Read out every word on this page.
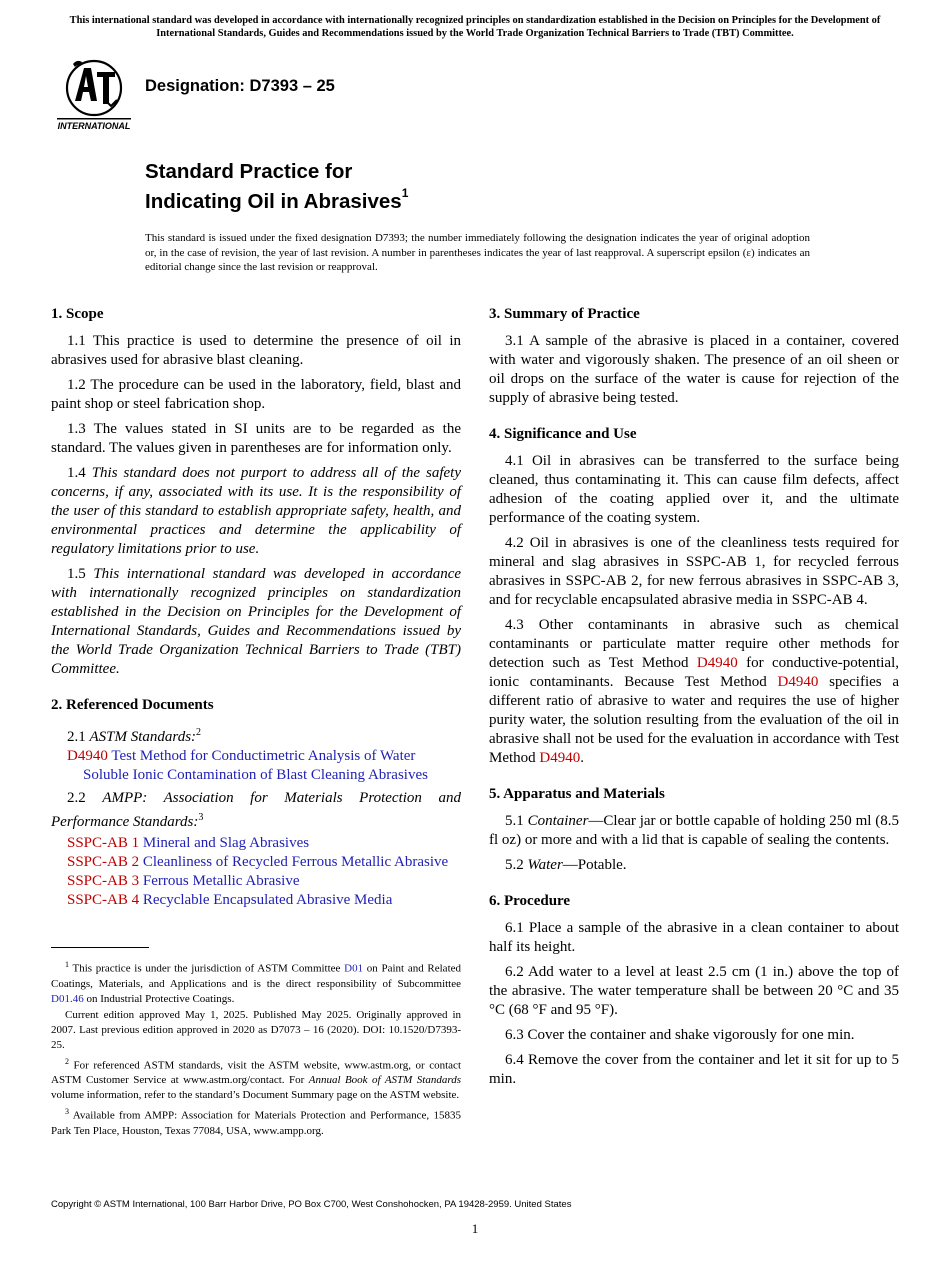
This international standard was developed in accordance with internationally recognized principles on standardization established in the Decision on Principles for the Development of International Standards, Guides and Recommendations issued by the World Trade Organization Technical Barriers to Trade (TBT) Committee.
INTERNATIONAL
Designation: D7393 – 25
Standard Practice for
Indicating Oil in Abrasives$^1$
This standard is issued under the fixed designation D7393; the number immediately following the designation indicates the year of original adoption or, in the case of revision, the year of last revision. A number in parentheses indicates the year of last reapproval. A superscript epsilon (ε) indicates an editorial change since the last revision or reapproval.
1. Scope

1.1 This practice is used to determine the presence of oil in abrasives used for abrasive blast cleaning.

1.2 The procedure can be used in the laboratory, field, blast and paint shop or steel fabrication shop.

1.3 The values stated in SI units are to be regarded as the standard. The values given in parentheses are for information only.

1.4 This standard does not purport to address all of the safety concerns, if any, associated with its use. It is the responsibility of the user of this standard to establish appropriate safety, health, and environmental practices and determine the applicability of regulatory limitations prior to use.

1.5 This international standard was developed in accordance with internationally recognized principles on standardization established in the Decision on Principles for the Development of International Standards, Guides and Recommendations issued by the World Trade Organization Technical Barriers to Trade (TBT) Committee.

2. Referenced Documents

2.1 ASTM Standards:$^2$

D4940 Test Method for Conductimetric Analysis of Water Soluble Ionic Contamination of Blast Cleaning Abrasives

2.2 AMPP: Association for Materials Protection and Performance Standards:$^3$

SSPC-AB 1 Mineral and Slag Abrasives

SSPC-AB 2 Cleanliness of Recycled Ferrous Metallic Abrasive

SSPC-AB 3 Ferrous Metallic Abrasive

SSPC-AB 4 Recyclable Encapsulated Abrasive Media

3. Summary of Practice

3.1 A sample of the abrasive is placed in a container, covered with water and vigorously shaken. The presence of an oil sheen or oil drops on the surface of the water is cause for rejection of the supply of abrasive being tested.

4. Significance and Use

4.1 Oil in abrasives can be transferred to the surface being cleaned, thus contaminating it. This can cause film defects, affect adhesion of the coating applied over it, and the ultimate performance of the coating system.

4.2 Oil in abrasives is one of the cleanliness tests required for mineral and slag abrasives in SSPC-AB 1, for recycled ferrous abrasives in SSPC-AB 2, for new ferrous abrasives in SSPC-AB 3, and for recyclable encapsulated abrasive media in SSPC-AB 4.

4.3 Other contaminants in abrasive such as chemical contaminants or particulate matter require other methods for detection such as Test Method D4940 for conductive-potential, ionic contaminants. Because Test Method D4940 specifies a different ratio of abrasive to water and requires the use of higher purity water, the solution resulting from the evaluation of the oil in abrasive shall not be used for the evaluation in accordance with Test Method D4940.

5. Apparatus and Materials

5.1 Container—Clear jar or bottle capable of holding 250 ml (8.5 fl oz) or more and with a lid that is capable of sealing the contents.

5.2 Water—Potable.

6. Procedure

6.1 Place a sample of the abrasive in a clean container to about half its height.

6.2 Add water to a level at least 2.5 cm (1 in.) above the top of the abrasive. The water temperature shall be between 20 °C and 35 °C (68 °F and 95 °F).

6.3 Cover the container and shake vigorously for one min.

6.4 Remove the cover from the container and let it sit for up to 5 min.

$^1$ This practice is under the jurisdiction of ASTM Committee D01 on Paint and Related Coatings, Materials, and Applications and is the direct responsibility of Subcommittee D01.46 on Industrial Protective Coatings.

Current edition approved May 1, 2025. Published May 2025. Originally approved in 2007. Last previous edition approved in 2020 as D7073 – 16 (2020). DOI: 10.1520/D7393-25.

$^2$ For referenced ASTM standards, visit the ASTM website, www.astm.org, or contact ASTM Customer Service at www.astm.org/contact. For Annual Book of ASTM Standards volume information, refer to the standard’s Document Summary page on the ASTM website.

$^3$ Available from AMPP: Association for Materials Protection and Performance, 15835 Park Ten Place, Houston, Texas 77084, USA, www.ampp.org.

Copyright © ASTM International, 100 Barr Harbor Drive, PO Box C700, West Conshohocken, PA 19428-2959. United States
1
